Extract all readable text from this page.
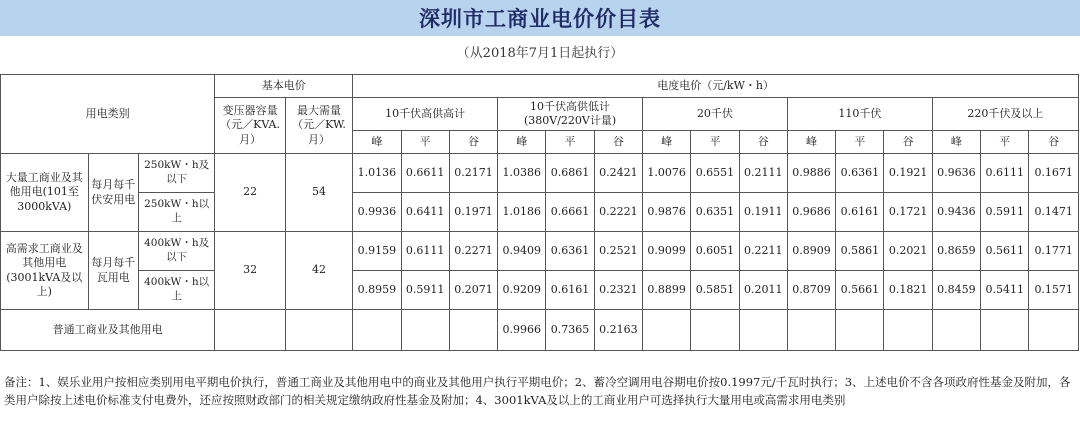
深圳市工商业电价价目表
（从2018年7月1日起执行）
用电类别			基本电价		电度电价（元/kW・h）														
			变压器容量（元／KVA.月）	最大需量（元／KW.月）	10千伏高供高计			10千伏高供低计(380V/220V计量)			20千伏			110千伏			220千伏及以上		
					峰	平	谷	峰	平	谷	峰	平	谷	峰	平	谷	峰	平	谷
大量工商业及其他用电(101至3000kVA)	每月每千伏安用电	250kW・h及以下	22	54	1.0136	0.6611	0.2171	1.0386	0.6861	0.2421	1.0076	0.6551	0.2111	0.9886	0.6361	0.1921	0.9636	0.6111	0.1671
		250kW・h以上			0.9936	0.6411	0.1971	1.0186	0.6661	0.2221	0.9876	0.6351	0.1911	0.9686	0.6161	0.1721	0.9436	0.5911	0.1471
高需求工商业及其他用电(3001kVA及以上)	每月每千瓦用电	400kW・h及以下	32	42	0.9159	0.6111	0.2271	0.9409	0.6361	0.2521	0.9099	0.6051	0.2211	0.8909	0.5861	0.2021	0.8659	0.5611	0.1771
		400kW・h以上			0.8959	0.5911	0.2071	0.9209	0.6161	0.2321	0.8899	0.5851	0.2011	0.8709	0.5661	0.1821	0.8459	0.5411	0.1571
普通工商业及其他用电								0.9966	0.7365	0.2163									
备注：1、娱乐业用户按相应类别用电平期电价执行，普通工商业及其他用电中的商业及其他用户执行平期电价；2、蓄冷空调用电谷期电价按0.1997元/千瓦时执行；3、上述电价不含各项政府性基金及附加，各类用户除按上述电价标准支付电费外，还应按照财政部门的相关规定缴纳政府性基金及附加；4、3001kVA及以上的工商业用户可选择执行大量用电或高需求用电类别
